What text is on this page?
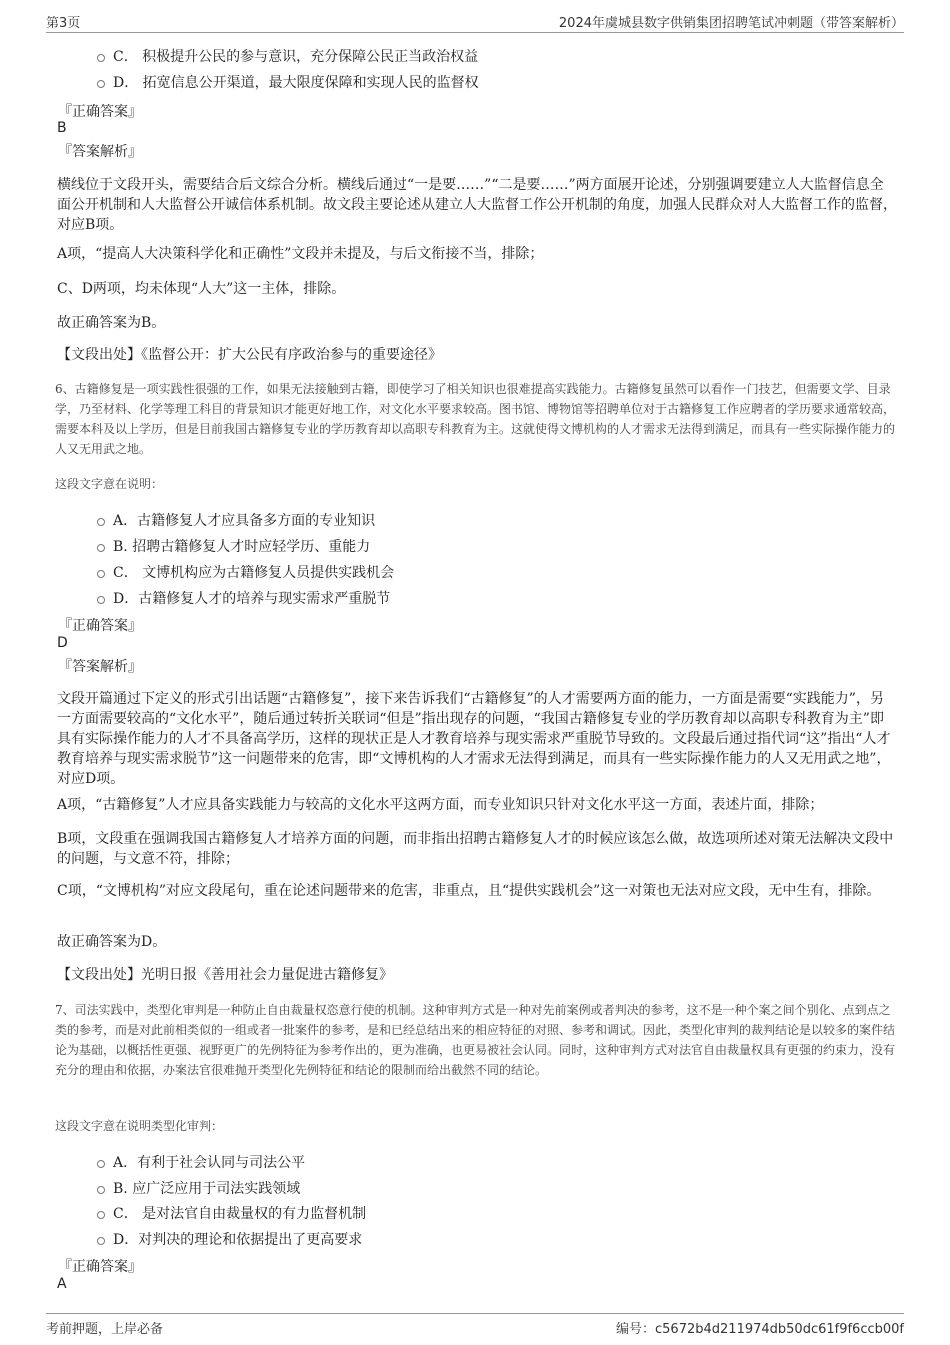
第3页	2024年虞城县数字供销集团招聘笔试冲刺题（带答案解析）
C． 积极提升公民的参与意识，充分保障公民正当政治权益
D． 拓宽信息公开渠道，最大限度保障和实现人民的监督权
『正确答案』
B
『答案解析』
横线位于文段开头，需要结合后文综合分析。横线后通过“一是要……”“二是要……”两方面展开论述，分别强调要建立人大监督信息全面公开机制和人大监督公开诚信体系机制。故文段主要论述从建立人大监督工作公开机制的角度，加强人民群众对人大监督工作的监督，对应B项。
A项，“提高人大决策科学化和正确性”文段并未提及，与后文衔接不当，排除；
C、D两项，均未体现“人大”这一主体，排除。
故正确答案为B。
【文段出处】《监督公开：扩大公民有序政治参与的重要途径》
6、古籍修复是一项实践性很强的工作，如果无法接触到古籍，即使学习了相关知识也很难提高实践能力。古籍修复虽然可以看作一门技艺，但需要文学、目录学，乃至材料、化学等理工科目的背景知识才能更好地工作，对文化水平要求较高。图书馆、博物馆等招聘单位对于古籍修复工作应聘者的学历要求通常较高，需要本科及以上学历，但是目前我国古籍修复专业的学历教育却以高职专科教育为主。这就使得文博机构的人才需求无法得到满足，而具有一些实际操作能力的人又无用武之地。
这段文字意在说明：
A．古籍修复人才应具备多方面的专业知识
B. 招聘古籍修复人才时应轻学历、重能力
C． 文博机构应为古籍修复人员提供实践机会
D．古籍修复人才的培养与现实需求严重脱节
『正确答案』
D
『答案解析』
文段开篇通过下定义的形式引出话题“古籍修复”，接下来告诉我们“古籍修复”的人才需要两方面的能力，一方面是需要“实践能力”，另一方面需要较高的“文化水平”，随后通过转折关联词“但是”指出现存的问题，“我国古籍修复专业的学历教育却以高职专科教育为主”即具有实际操作能力的人才不具备高学历，这样的现状正是人才教育培养与现实需求严重脱节导致的。文段最后通过指代词“这”指出“人才教育培养与现实需求脱节”这一问题带来的危害，即“文博机构的人才需求无法得到满足，而具有一些实际操作能力的人又无用武之地”，对应D项。
A项，“古籍修复”人才应具备实践能力与较高的文化水平这两方面，而专业知识只针对文化水平这一方面，表述片面，排除；
B项，文段重在强调我国古籍修复人才培养方面的问题，而非指出招聘古籍修复人才的时候应该怎么做，故选项所述对策无法解决文段中的问题，与文意不符，排除；
C项，“文博机构”对应文段尾句，重在论述问题带来的危害，非重点，且“提供实践机会”这一对策也无法对应文段，无中生有，排除。
故正确答案为D。
【文段出处】光明日报《善用社会力量促进古籍修复》
7、司法实践中，类型化审判是一种防止自由裁量权恣意行使的机制。这种审判方式是一种对先前案例或者判决的参考，这不是一种个案之间个别化、点到点之类的参考，而是对此前相类似的一组或者一批案件的参考，是和已经总结出来的相应特征的对照、参考和调试。因此，类型化审判的裁判结论是以较多的案件结论为基础，以概括性更强、视野更广的先例特征为参考作出的，更为准确，也更易被社会认同。同时，这种审判方式对法官自由裁量权具有更强的约束力，没有充分的理由和依据，办案法官很难抛开类型化先例特征和结论的限制而给出截然不同的结论。
这段文字意在说明类型化审判：
A．有利于社会认同与司法公平
B. 应广泛应用于司法实践领域
C． 是对法官自由裁量权的有力监督机制
D．对判决的理论和依据提出了更高要求
『正确答案』
A
考前押题，上岸必备	编号：c5672b4d211974db50dc61f9f6ccb00f
